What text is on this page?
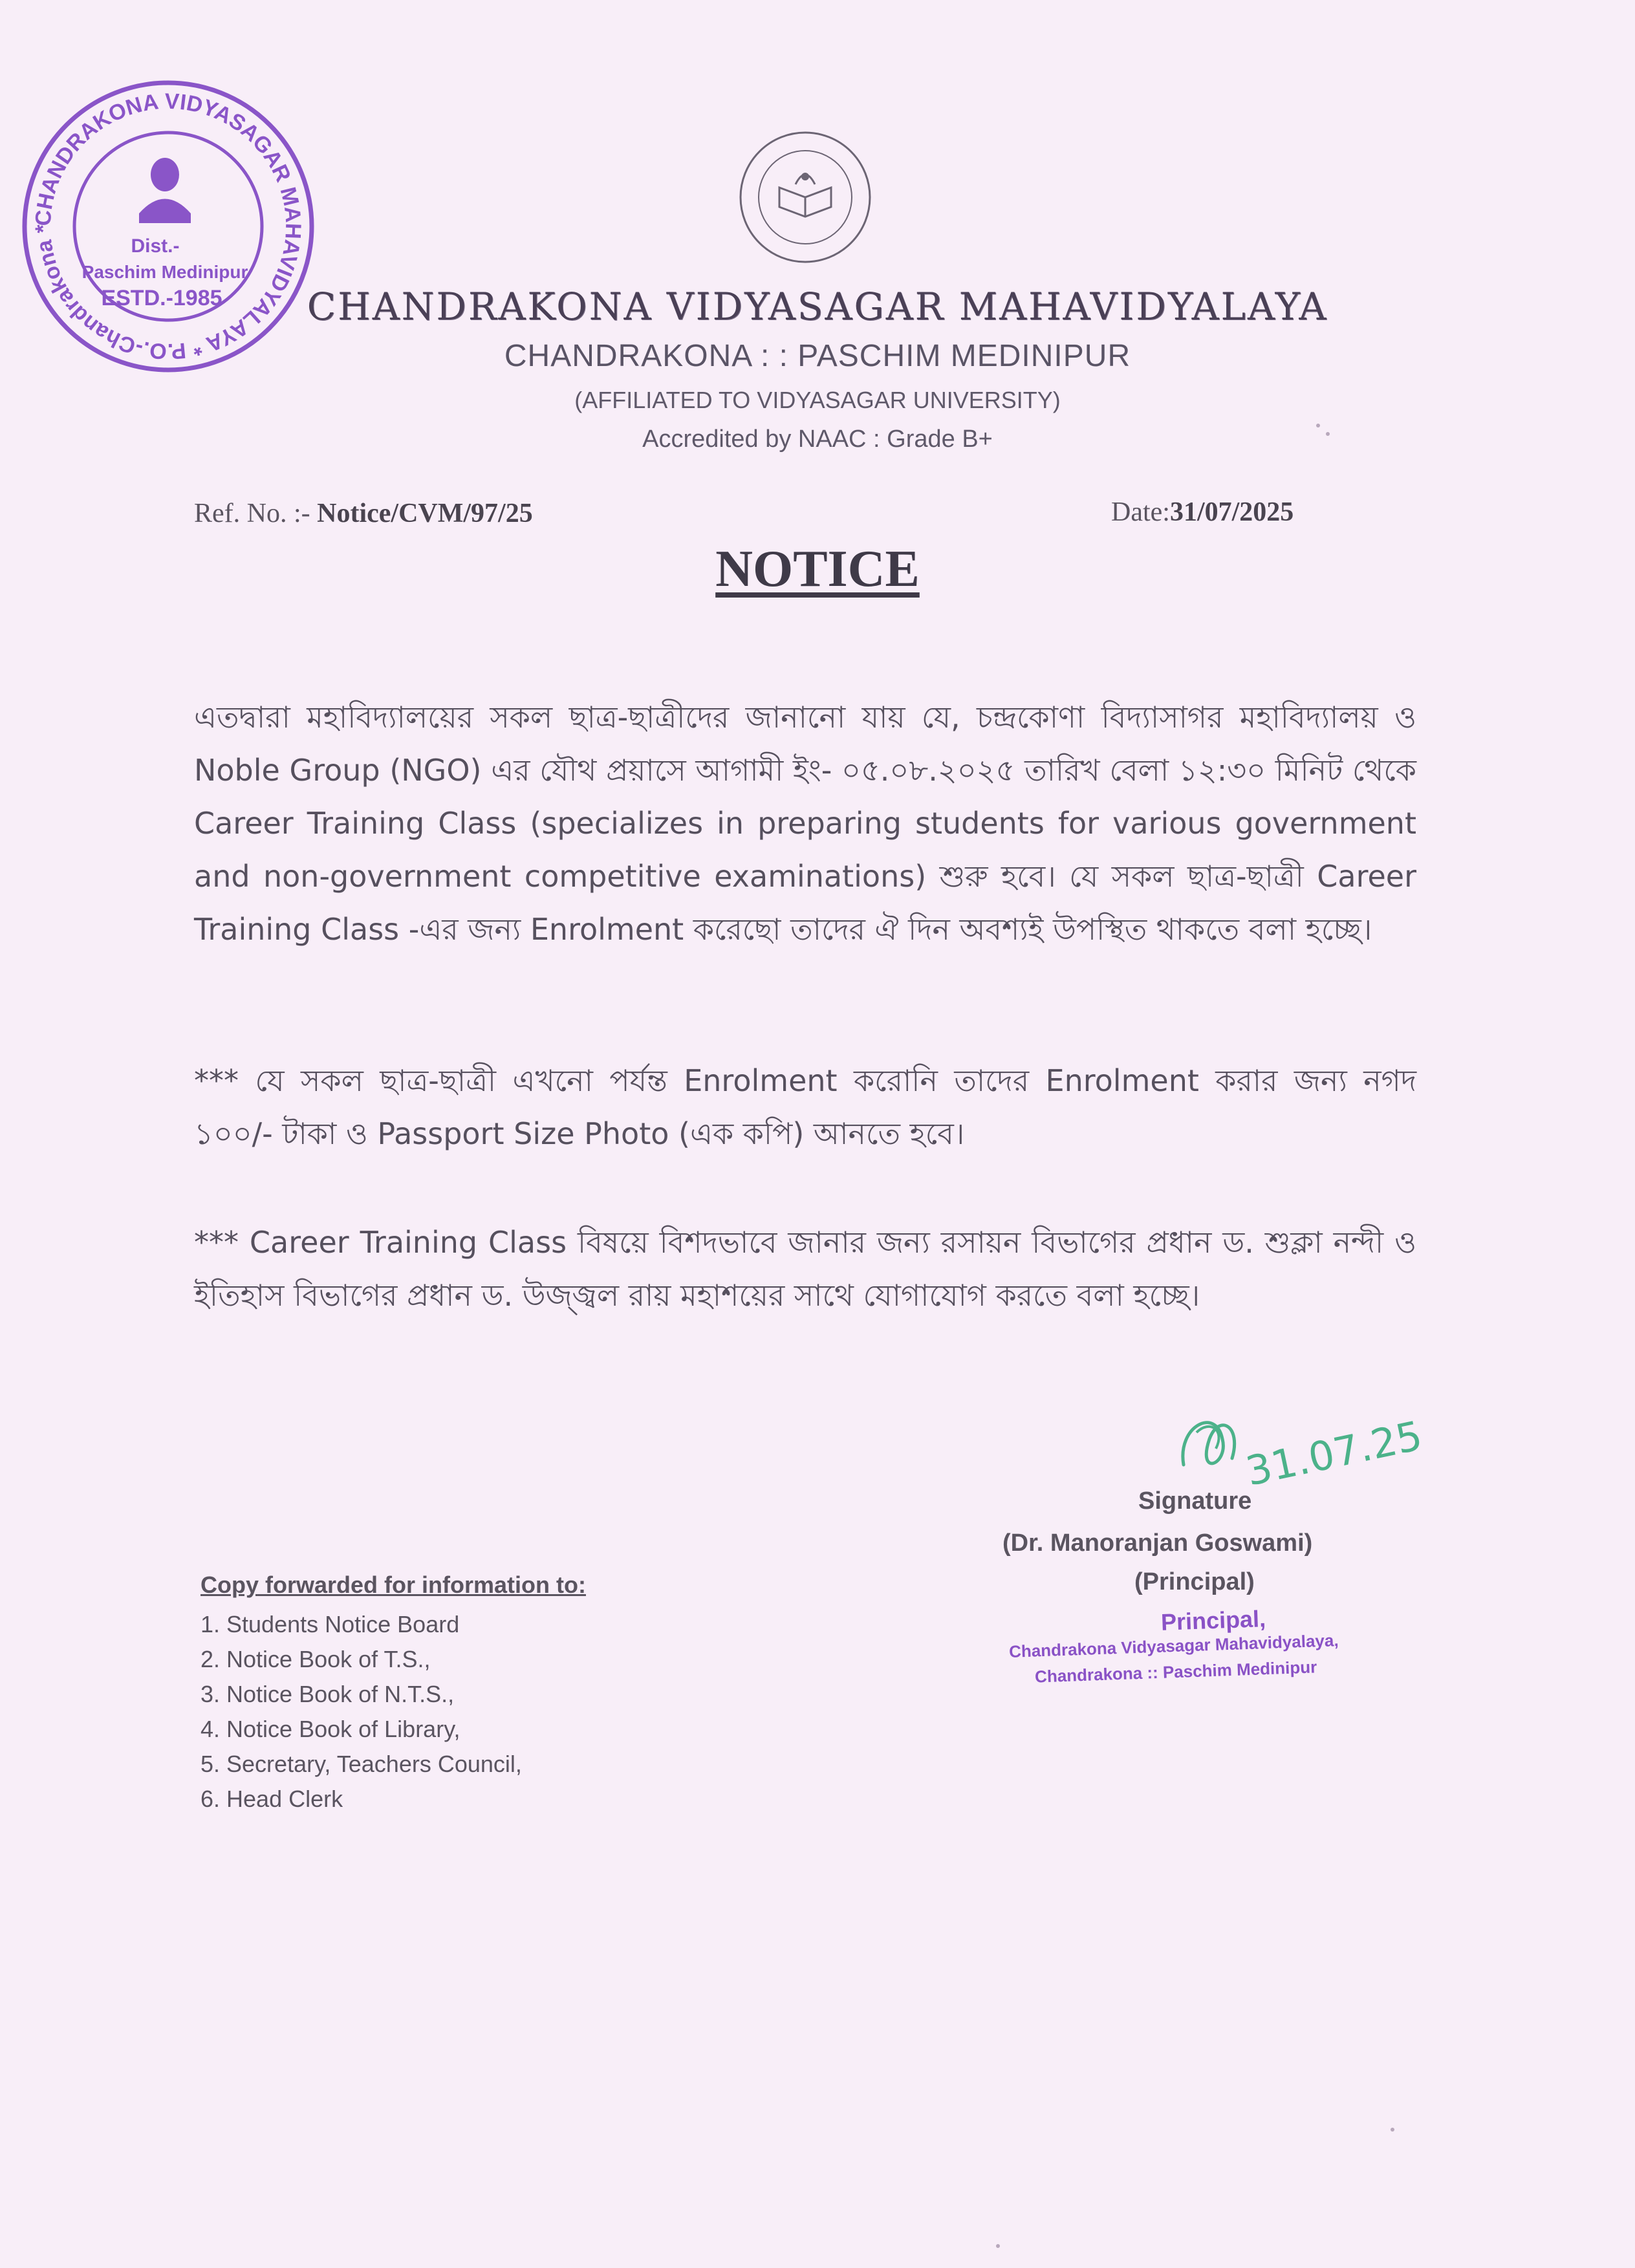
CHANDRAKONA VIDYASAGAR MAHAVIDYALAYA * P.O.-Chandrakona *
Dist.-
Paschim Medinipur
ESTD.-1985	CHANDRAKONA VIDYASAGAR MAHAVIDYALAYA
CHANDRAKONA : : PASCHIM MEDINIPUR
(AFFILIATED TO VIDYASAGAR UNIVERSITY)
Accredited by NAAC : Grade B+
Ref. No. :- Notice/CVM/97/25	Date:31/07/2025
NOTICE
এতদ্বারা মহাবিদ্যালয়ের সকল ছাত্র-ছাত্রীদের জানানো যায় যে, চন্দ্রকোণা বিদ্যাসাগর মহাবিদ্যালয় ও Noble Group (NGO) এর যৌথ প্রয়াসে আগামী ইং- ০৫.০৮.২০২৫ তারিখ বেলা ১২:৩০ মিনিট থেকে Career Training Class (specializes in preparing students for various government and non-government competitive examinations) শুরু হবে। যে সকল ছাত্র-ছাত্রী Career Training Class -এর জন্য Enrolment করেছো তাদের ঐ দিন অবশ্যই উপস্থিত থাকতে বলা হচ্ছে।
*** যে সকল ছাত্র-ছাত্রী এখনো পর্যন্ত Enrolment করোনি তাদের Enrolment করার জন্য নগদ ১০০/- টাকা ও Passport Size Photo (এক কপি) আনতে হবে।
*** Career Training Class বিষয়ে বিশদভাবে জানার জন্য রসায়ন বিভাগের প্রধান ড. শুক্লা নন্দী ও ইতিহাস বিভাগের প্রধান ড. উজ্জ্বল রায় মহাশয়ের সাথে যোগাযোগ করতে বলা হচ্ছে।
31.07.25
Signature
(Dr. Manoranjan Goswami)
(Principal)
Principal,
Chandrakona Vidyasagar Mahavidyalaya,
Chandrakona :: Paschim Medinipur
Copy forwarded for information to:
1. Students Notice Board
2. Notice Book of T.S.,
3. Notice Book of N.T.S.,
4. Notice Book of Library,
5. Secretary, Teachers Council,
6. Head Clerk
